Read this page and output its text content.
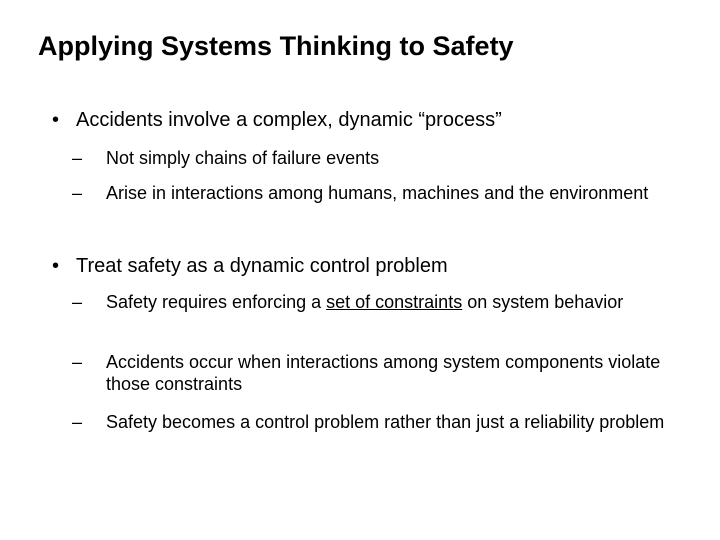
Applying Systems Thinking to Safety
• Accidents involve a complex, dynamic “process”
–	Not simply chains of failure events
–	Arise in interactions among humans, machines and the environment
• Treat safety as a dynamic control problem
–	Safety requires enforcing a set of constraints on system behavior
–	Accidents occur when interactions among system components violate those constraints
–	Safety becomes a control problem rather than just a reliability problem
